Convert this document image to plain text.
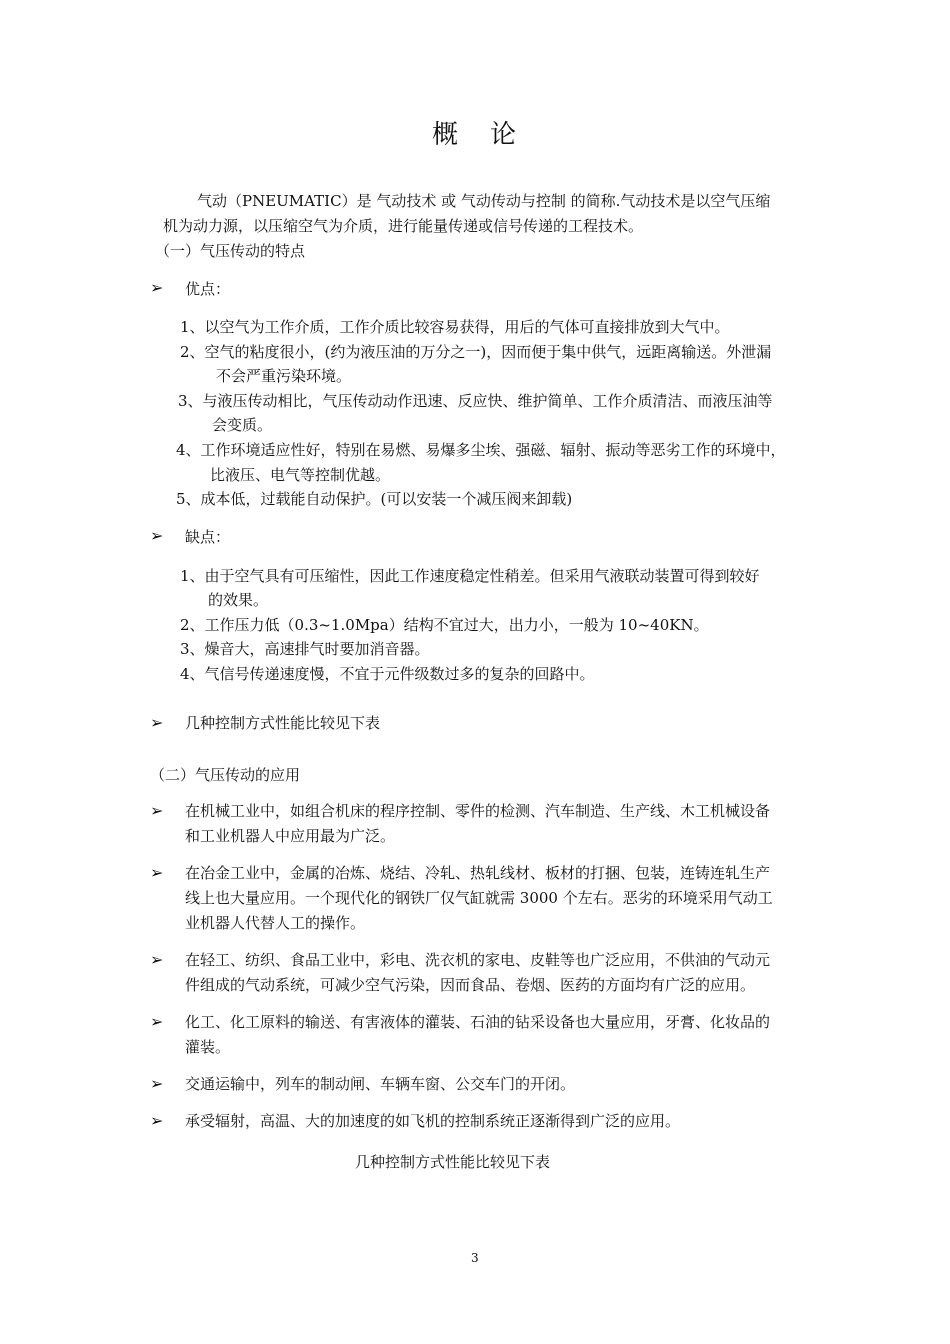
概 论
气动（PNEUMATIC）是 气动技术 或 气动传动与控制 的简称.气动技术是以空气压缩
机为动力源，以压缩空气为介质，进行能量传递或信号传递的工程技术。
（一）气压传动的特点
➢ 优点：
1、以空气为工作介质，工作介质比较容易获得，用后的气体可直接排放到大气中。
2、空气的粘度很小，(约为液压油的万分之一)，因而便于集中供气，远距离输送。外泄漏
不会严重污染环境。
3、与液压传动相比，气压传动动作迅速、反应快、维护简单、工作介质清洁、而液压油等
会变质。
4、工作环境适应性好，特别在易燃、易爆多尘埃、强磁、辐射、振动等恶劣工作的环境中，
比液压、电气等控制优越。
5、成本低，过载能自动保护。(可以安装一个减压阀来卸载)
➢ 缺点：
1、由于空气具有可压缩性，因此工作速度稳定性稍差。但采用气液联动装置可得到较好
的效果。
2、工作压力低（0.3~1.0Mpa）结构不宜过大，出力小，一般为 10~40KN。
3、燥音大，高速排气时要加消音器。
4、气信号传递速度慢，不宜于元件级数过多的复杂的回路中。
➢ 几种控制方式性能比较见下表
（二）气压传动的应用
➢ 在机械工业中，如组合机床的程序控制、零件的检测、汽车制造、生产线、木工机械设备
和工业机器人中应用最为广泛。
➢ 在冶金工业中，金属的冶炼、烧结、冷轧、热轧线材、板材的打捆、包装，连铸连轧生产
线上也大量应用。一个现代化的钢铁厂仅气缸就需 3000 个左右。恶劣的环境采用气动工
业机器人代替人工的操作。
➢ 在轻工、纺织、食品工业中，彩电、洗衣机的家电、皮鞋等也广泛应用，不供油的气动元
件组成的气动系统，可减少空气污染，因而食品、卷烟、医药的方面均有广泛的应用。
➢ 化工、化工原料的输送、有害液体的灌装、石油的钻采设备也大量应用，牙膏、化妆品的
灌装。
➢ 交通运输中，列车的制动闸、车辆车窗、公交车门的开闭。
➢ 承受辐射，高温、大的加速度的如飞机的控制系统正逐渐得到广泛的应用。
几种控制方式性能比较见下表
3
